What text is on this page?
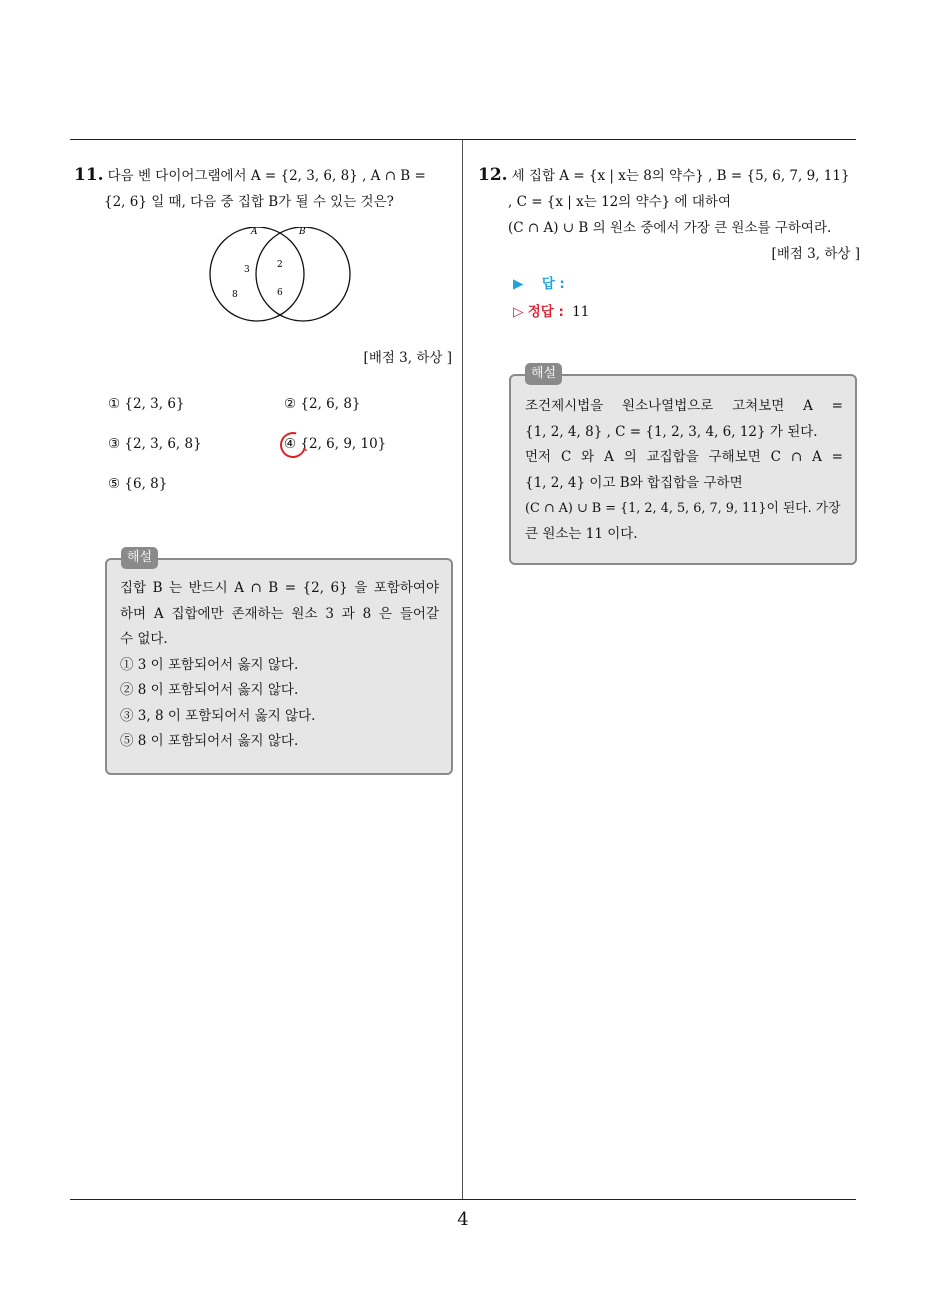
4
11. 다음 벤 다이어그램에서 A = {2, 3, 6, 8} , A ∩ B =
{2, 6} 일 때, 다음 중 집합 B가 될 수 있는 것은?
A	B
3
8
2
6
[배점 3, 하상 ]
① {2, 3, 6}	② {2, 6, 8}
③ {2, 3, 6, 8}	④ {2, 6, 9, 10}
⑤ {6, 8}
해설
집합 B 는 반드시 A ∩ B = {2, 6} 을 포함하여야
하며 A 집합에만 존재하는 원소 3 과 8 은 들어갈
수 없다.
① 3 이 포함되어서 옳지 않다.
② 8 이 포함되어서 옳지 않다.
③ 3, 8 이 포함되어서 옳지 않다.
⑤ 8 이 포함되어서 옳지 않다.
12. 세 집합 A = {x | x는 8의 약수} , B = {5, 6, 7, 9, 11}
, C = {x | x는 12의 약수} 에 대하여
(C ∩ A) ∪ B 의 원소 중에서 가장 큰 원소를 구하여라.
[배점 3, 하상 ]
▶ 답 :
▷ 정답 : 11
해설
조건제시법을 원소나열법으로 고쳐보면 A =
{1, 2, 4, 8} , C = {1, 2, 3, 4, 6, 12} 가 된다.
먼저 C 와 A 의 교집합을 구해보면 C ∩ A =
{1, 2, 4} 이고 B와 합집합을 구하면
(C ∩ A) ∪ B = {1, 2, 4, 5, 6, 7, 9, 11}이 된다. 가장
큰 원소는 11 이다.
